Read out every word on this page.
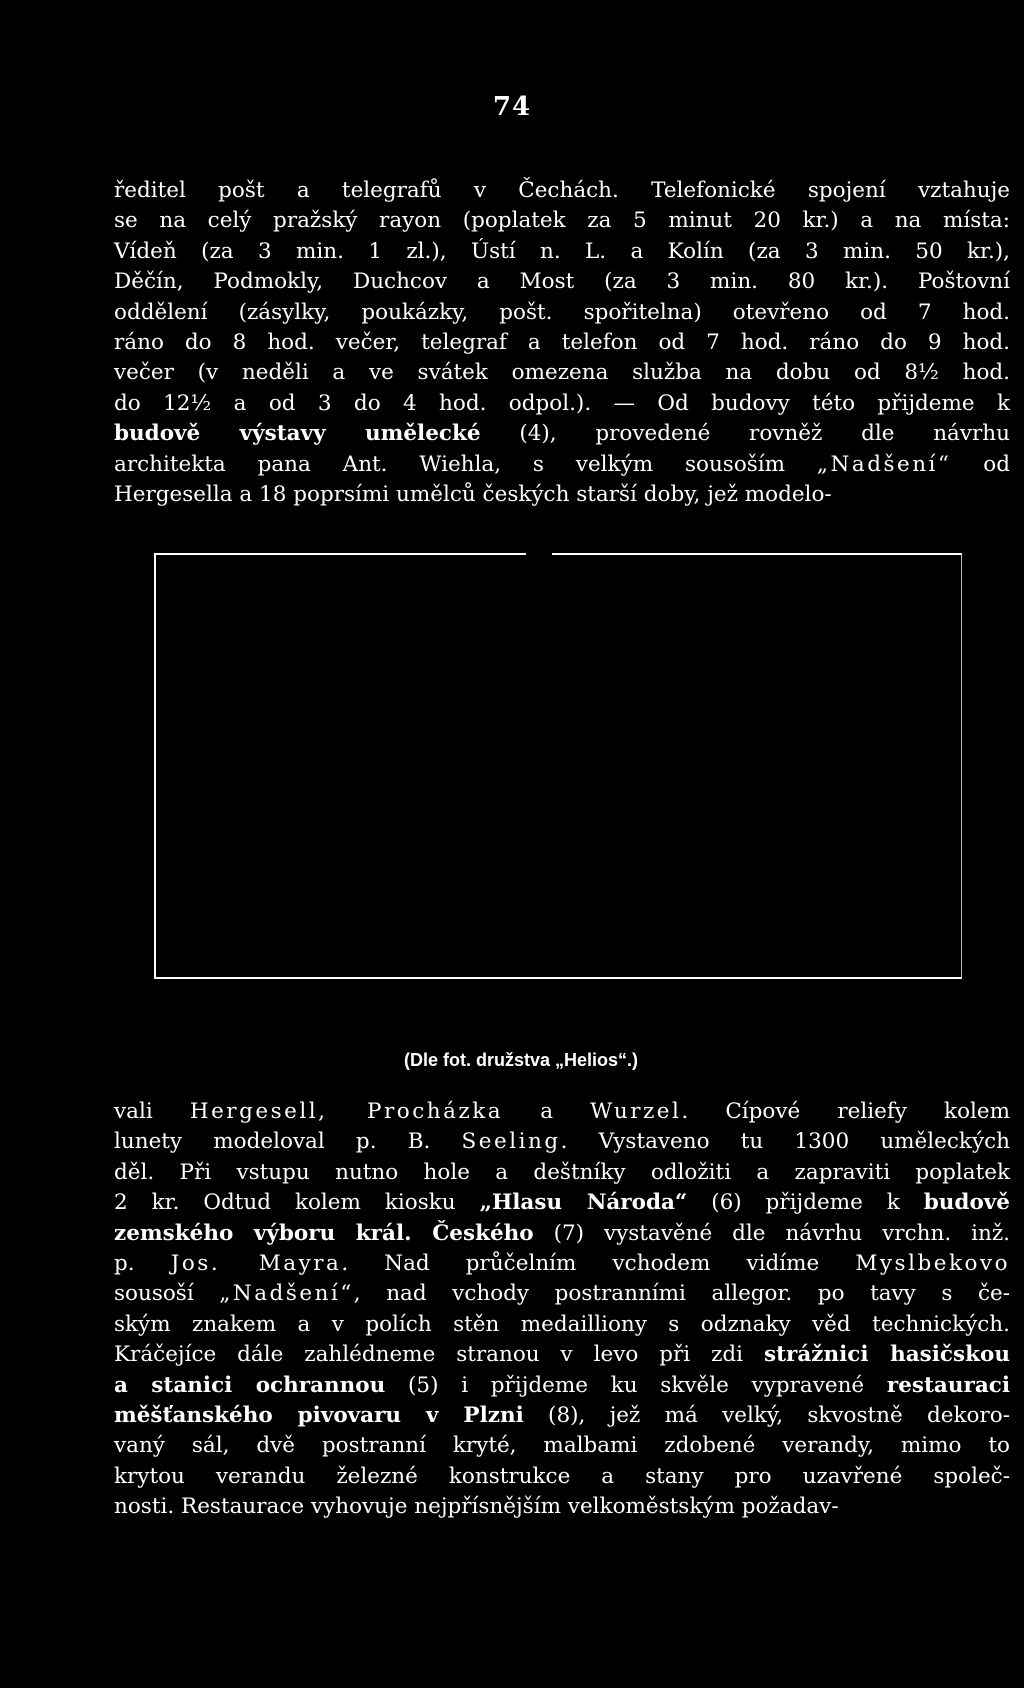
74
ředitel pošt a telegrafů v Čechách. Telefonické spojení vztahuje
se na celý pražský rayon (poplatek za 5 minut 20 kr.) a na místa:
Vídeň (za 3 min. 1 zl.), Ústí n. L. a Kolín (za 3 min. 50 kr.),
Děčín, Podmokly, Duchcov a Most (za 3 min. 80 kr.). Poštovní
oddělení (zásylky, poukázky, pošt. spořitelna) otevřeno od 7 hod.
ráno do 8 hod. večer, telegraf a telefon od 7 hod. ráno do 9 hod.
večer (v neděli a ve svátek omezena služba na dobu od 8½ hod.
do 12½ a od 3 do 4 hod. odpol.). — Od budovy této přijdeme k
budově výstavy umělecké (4), provedené rovněž dle návrhu
architekta pana Ant. Wiehla, s velkým sousoším „Nadšení“ od
Hergesella a 18 poprsími umělců českých starší doby, jež modelo-
(Dle fot. družstva „Helios“.)
vali Hergesell, Procházka a Wurzel. Cípové reliefy kolem
lunety modeloval p. B. Seeling. Vystaveno tu 1300 uměleckých
děl. Při vstupu nutno hole a deštníky odložiti a zapraviti poplatek
2 kr. Odtud kolem kiosku „Hlasu Národa“ (6) přijdeme k budově
zemského výboru král. Českého (7) vystavěné dle návrhu vrchn. inž.
p. Jos. Mayra. Nad průčelním vchodem vidíme Myslbekovo
sousoší „Nadšení“, nad vchody postranními allegor. po tavy s če-
ským znakem a v polích stěn medailliony s odznaky věd technických.
Kráčejíce dále zahlédneme stranou v levo při zdi strážnici hasičskou
a stanici ochrannou (5) i přijdeme ku skvěle vypravené restauraci
měšťanského pivovaru v Plzni (8), jež má velký, skvostně dekoro-
vaný sál, dvě postranní kryté, malbami zdobené verandy, mimo to
krytou verandu železné konstrukce a stany pro uzavřené společ-
nosti. Restaurace vyhovuje nejpřísnějším velkoměstským požadav-
